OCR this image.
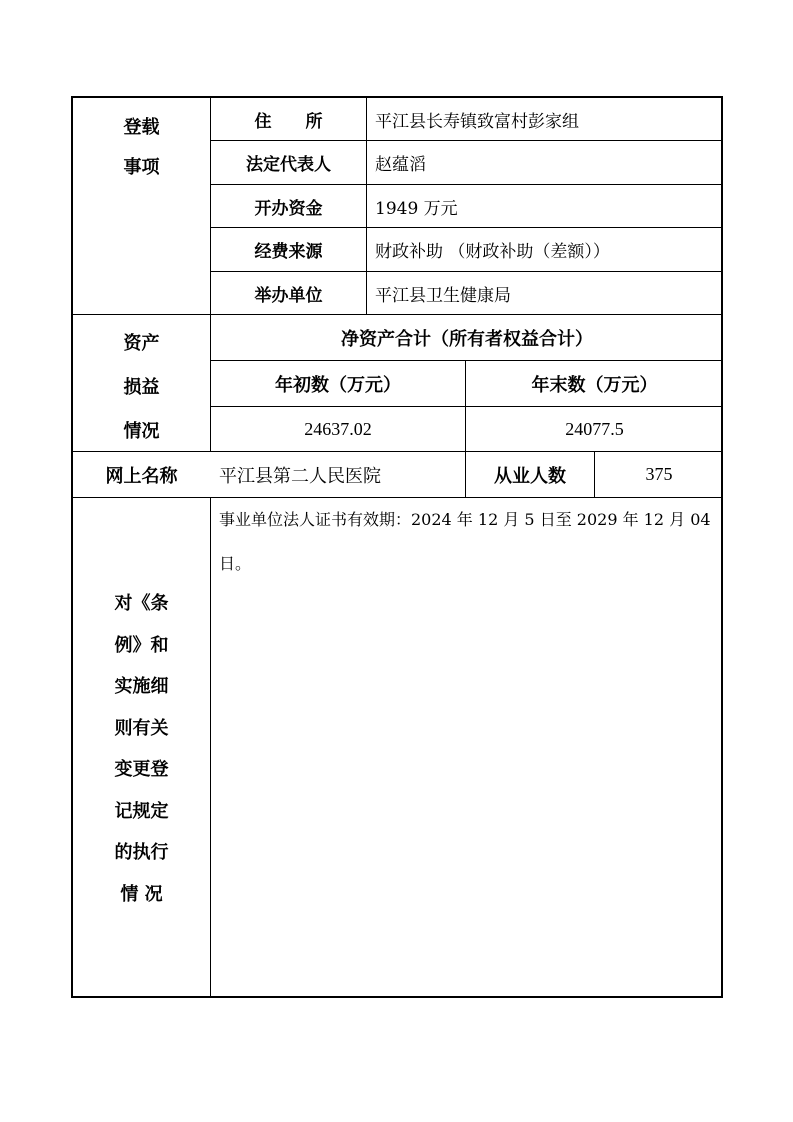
登载
事项
住　　所	平江县长寿镇致富村彭家组
法定代表人	赵蕴滔
开办资金	1949 万元
经费来源	财政补助 （财政补助（差额））
举办单位	平江县卫生健康局
资产
损益
情况
净资产合计（所有者权益合计）
年初数（万元）	年末数（万元）
24637.02	24077.5
网上名称	平江县第二人民医院	从业人数	375
对《条
例》和
实施细
则有关
变更登
记规定
的执行
情 况
事业单位法人证书有效期：2024 年 12 月 5 日至 2029 年 12 月 04 日。
